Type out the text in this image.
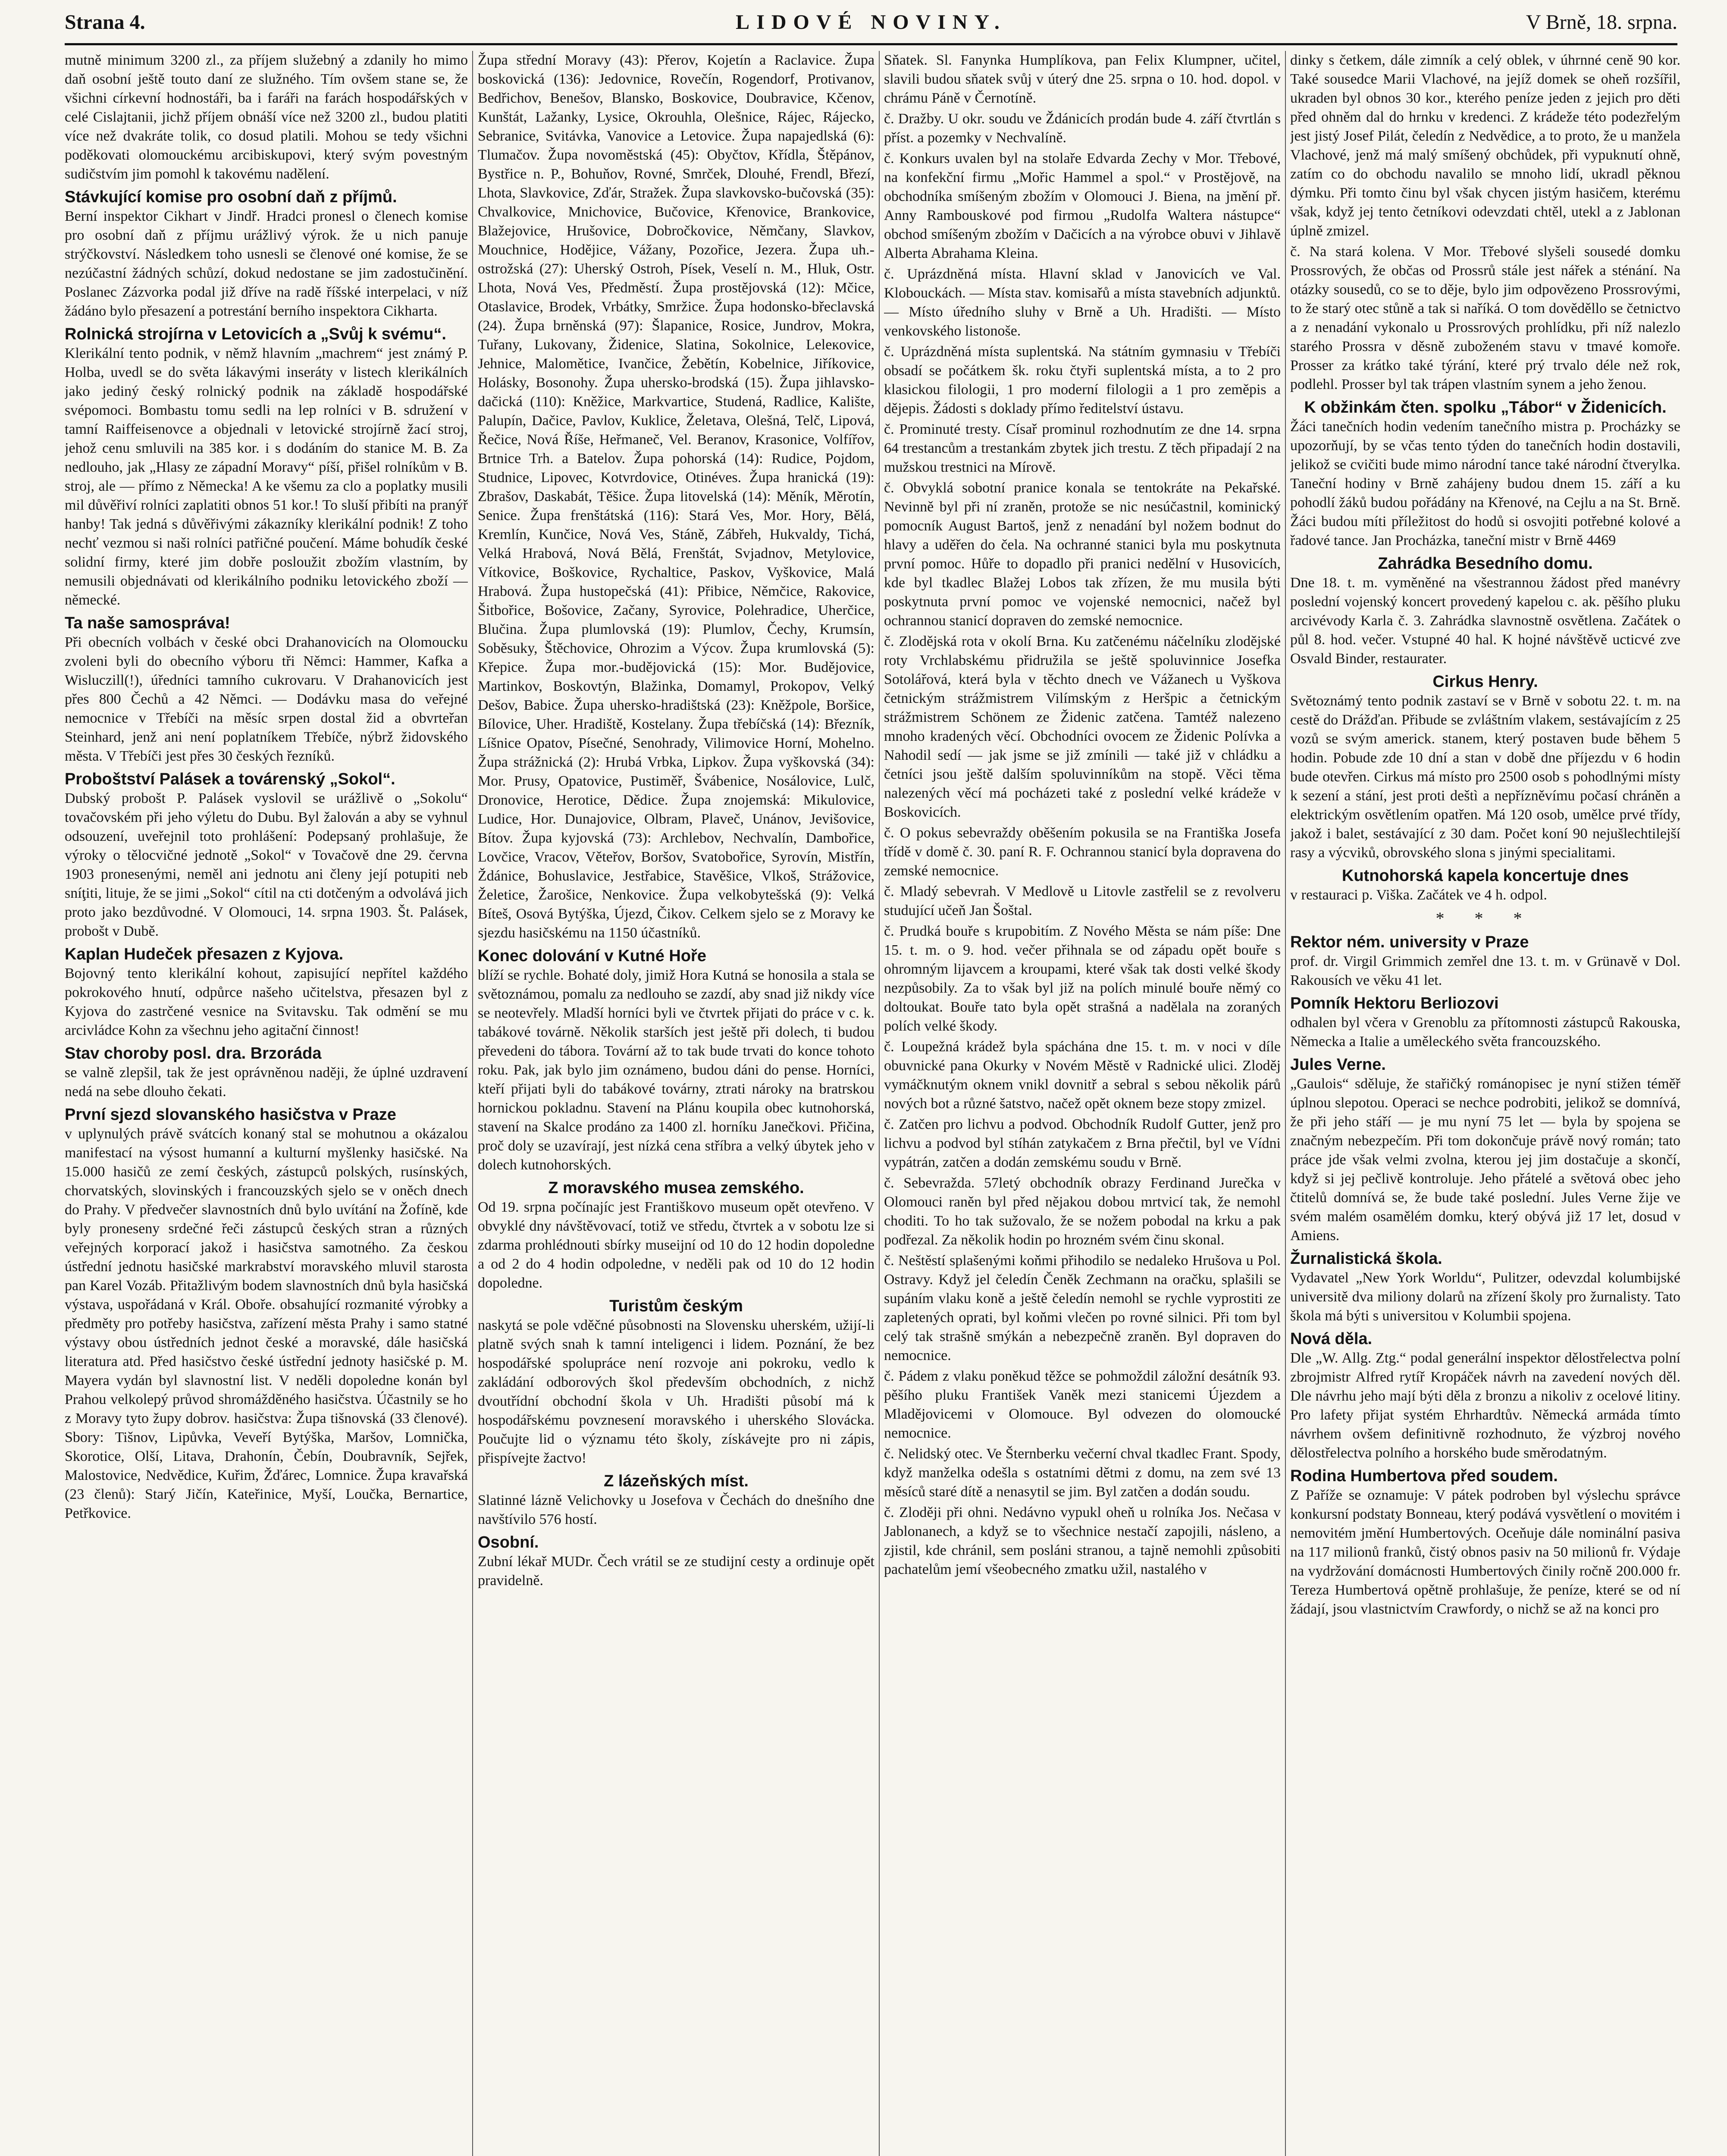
Strana 4.	LIDOVÉ NOVINY.	V Brně, 18. srpna.

mutně minimum 3200 zl., za příjem služebný a zdanily ho mimo daň osobní ještě touto daní ze služného. Tím ovšem stane se, že všichni církevní hodnostáři, ba i faráři na farách hospodářských v celé Cislajtanii, jichž příjem obnáší více než 3200 zl., budou platiti více než dvakráte tolik, co dosud platili. Mohou se tedy všichni poděkovati olomouckému arcibiskupovi, který svým povestným sudičstvím jim pomohl k takovému nadělení.

Stávkující komise pro osobní daň z příjmů.

Berní inspektor Cikhart v Jindř. Hradci pronesl o členech komise pro osobní daň z příjmu urážlivý výrok. že u nich panuje strýčkovství. Následkem toho usnesli se členové oné komise, že se nezúčastní žádných schůzí, dokud nedostane se jim zadostučinění. Poslanec Zázvorka podal již dříve na radě říšské interpelaci, v níž žádáno bylo přesazení a potrestání berního inspektora Cikharta.

Rolnická strojírna v Letovicích a „Svůj k svému“.

Klerikální tento podnik, v němž hlavním „machrem“ jest známý P. Holba, uvedl se do světa lákavými inseráty v listech klerikálních jako jediný český rolnický podnik na základě hospodářské svépomoci. Bombastu tomu sedli na lep rolníci v B. sdružení v tamní Raiffeisenovce a objednali v letovické strojírně žací stroj, jehož cenu smluvili na 385 kor. i s dodáním do stanice M. B. Za nedlouho, jak „Hlasy ze západní Moravy“ píší, přišel rolníkům v B. stroj, ale — přímo z Německa! A ke všemu za clo a poplatky musili mil důvěřiví rolníci zaplatiti obnos 51 kor.! To sluší přibíti na pranýř hanby! Tak jedná s důvěřivými zákazníky klerikální podnik! Z toho nechť vezmou si naši rolníci patřičné poučení. Máme bohudík české solidní firmy, které jim dobře posloužit zbožím vlastním, by nemusili objednávati od klerikálního podniku letovického zboží — německé.

Ta naše samospráva!

Při obecních volbách v české obci Drahanovicích na Olomoucku zvoleni byli do obecního výboru tři Němci: Hammer, Kafka a Wisluczill(!), úředníci tamního cukrovaru. V Drahanovicích jest přes 800 Čechů a 42 Němci. — Dodávku masa do veřejné nemocnice v Třebíči na měsíc srpen dostal žid a obvrteřan Steinhard, jenž ani není poplatníkem Třebíče, nýbrž židovského města. V Třebíči jest přes 30 českých řezníků.

Proboštství Palásek a továrenský „Sokol“.

Dubský probošt P. Palásek vyslovil se urážlivě o „Sokolu“ tovačovském při jeho výletu do Dubu. Byl žalován a aby se vyhnul odsouzení, uveřejnil toto prohlášení: Podepsaný prohlašuje, že výroky o tělocvičné jednotě „Sokol“ v Tovačově dne 29. června 1903 pronesenými, neměl ani jednotu ani členy její potupiti neb sníţiti, lituje, že se jimi „Sokol“ cítil na cti dotčeným a odvolává jich proto jako bezdůvodné. V Olomouci, 14. srpna 1903. Št. Palásek, probošt v Dubě.

Kaplan Hudeček přesazen z Kyjova.

Bojovný tento klerikální kohout, zapisující nepřítel každého pokrokového hnutí, odpůrce našeho učitelstva, přesazen byl z Kyjova do zastrčené vesnice na Svitavsku. Tak odmění se mu arcivládce Kohn za všechnu jeho agitační činnost!

Stav choroby posl. dra. Brzorádа

se valně zlepšil, tak že jest oprávněnou naději, že úplné uzdravení nedá na sebe dlouho čekati.

První sjezd slovanského hasičstva v Praze

v uplynulých právě svátcích konaný stal se mohutnou a okázalou manifestací na výsost humanní a kulturní myšlenky hasičské. Na 15.000 hasičů ze zemí českých, zástupců polských, rusínských, chorvatských, slovinských i francouzských sjelo se v oněch dnech do Prahy. V předvečer slavnostních dnů bylo uvítání na Žofíně, kde byly proneseny srdečné řeči zástupců českých stran a různých veřejných korporací jakož i hasičstva samotného. Za českou ústřední jednotu hasičské markrabství moravského mluvil starosta pan Karel Vozáb. Přitažlivým bodem slavnostních dnů byla hasičská výstava, uspořádaná v Král. Oboře. obsahující rozmanité výrobky a předměty pro potřeby hasičstva, zařízení města Prahy i samo statné výstavy obou ústředních jednot české a moravské, dále hasičská literatura atd. Před hasičstvo české ústřední jednoty hasičské p. M. Mayera vydán byl slavnostní list. V neděli dopoledne konán byl Prahou velkolepý průvod shromážděného hasičstva. Účastnily se ho z Moravy tyto župy dobrov. hasičstva: Župa tišnovská (33 členové). Sbory: Tišnov, Lipůvka, Veveří Bytýška, Maršov, Lomnička, Skorotice, Olší, Litava, Drahonín, Čebín, Doubravník, Sejřek, Malostovice, Nedvědice, Kuřim, Žďárec, Lomnice. Župa kravařská (23 členů): Starý Jičín, Kateřinice, Myší, Loučka, Bernartice, Petřkovice.

Župa střední Moravy (43): Přerov, Kojetín a Raclavice. Župa boskovická (136): Jedovnice, Rovečín, Rogendorf, Protivanov, Bedřichov, Benešov, Blansko, Boskovice, Doubravice, Kčenov, Kunštát, Lažanky, Lysice, Okrouhla, Olešnice, Rájec, Rájecko, Sebranice, Svitávka, Vanovice a Letovice. Župa napajedlská (6): Tlumačov. Župa novoměstská (45): Obyčtov, Křídla, Štěpánov, Bystřice n. P., Bohuňov, Rovné, Smrček, Dlouhé, Frendl, Březí, Lhota, Slavkovice, Zďár, Stražek. Župa slavkovsko-bučovská (35): Chvalkovice, Mnichovice, Bučovice, Křenovice, Brankovice, Blažejovice, Hrušovice, Dobročkovice, Němčany, Slavkov, Mouchnice, Hodějice, Vážany, Pozořice, Jezera. Župa uh.-ostrožská (27): Uherský Ostroh, Písek, Veselí n. M., Hluk, Ostr. Lhota, Nová Ves, Předměstí. Župa prostějovská (12): Mčice, Otaslavice, Brodek, Vrbátky, Smržice. Župa hodonsko-břeclavská (24). Župa brněnská (97): Šlapanice, Rosice, Jundrov, Mokra, Tuřany, Lukovany, Židenice, Slatina, Sokolnice, Leleкovice, Jehnice, Malomětice, Ivančice, Žebětín, Kobelnice, Jiříkovice, Holásky, Bosonohy. Župa uhersko-brodská (15). Župa jihlavsko-dačická (110): Kněžice, Markvartice, Studená, Radlice, Kalište, Palupín, Dačice, Pavlov, Kuklice, Želetava, Olešná, Telč, Lipová, Řečice, Nová Říše, Heřmaneč, Vel. Beranov, Krasonice, Volfířov, Brtnice Trh. a Batelov. Župa pohorská (14): Rudice, Pojdom, Studnice, Lipovec, Kotvrdovice, Otinéves. Župa hranická (19): Zbrašov, Daskabát, Těšice. Župa litovelská (14): Měník, Měrotín, Senice. Župa frenštátská (116): Stará Ves, Mor. Hory, Bělá, Kremlín, Kunčice, Nová Ves, Stáně, Zábřeh, Hukvaldy, Tichá, Velká Hrabová, Nová Bělá, Frenštát, Svjadnov, Metylovice, Vítkovice, Boškovice, Rychaltice, Paskov, Vyškovice, Malá Hrabová. Župa hustopečská (41): Přibice, Němčice, Rakovice, Šitbořice, Bošovice, Začany, Syrovice, Polehradice, Uherčice, Blučina. Župa plumlovská (19): Plumlov, Čechy, Krumsín, Soběsuky, Štěchovice, Ohrozim a Výcov. Župa krumlovská (5): Křepice. Župa mor.-budějovická (15): Mor. Budějovice, Martinkov, Boskovtýn, Blažinka, Domamyl, Prokopov, Velký Dešov, Babice. Župa uhersko-hradištská (23): Kněžpole, Boršice, Bílovice, Uher. Hradiště, Kostelany. Župa třebíčská (14): Březník, Líšnice Opatov, Písečné, Senohrady, Vilimovice Horní, Mohelno. Župa strážnická (2): Hrubá Vrbka, Lipkov. Župa vyškovská (34): Mor. Prusy, Opatovice, Pustiměř, Švábenice, Nosálovice, Lulč, Dronovice, Herotice, Dědice. Župa znojemská: Mikulovice, Ludice, Hor. Dunajovice, Olbram, Plaveč, Unánov, Jevišovice, Bítov. Župa kyjovská (73): Archlebov, Nechvalín, Dambořice, Lovčice, Vracov, Věteřov, Boršov, Svatobořice, Syrovín, Mistřín, Ždánice, Bohuslavice, Jestřabice, Stavěšice, Vlkoš, Strážovice, Želetice, Žarošice, Nenkovice. Župa velkobytešská (9): Velká Bíteš, Osová Bytýška, Újezd, Čikov. Celkem sjelo se z Moravy ke sjezdu hasičskému na 1150 účastníků.

Konec dolování v Kutné Hoře

blíží se rychle. Bohaté doly, jimiž Hora Kutná se honosila a stala se světoznámou, pomalu za nedlouho se zazdí, aby snad již nikdy více se neotevřely. Mladší horníci byli ve čtvrtek přijati do práce v c. k. tabákové továrně. Několik starších jest ještě při dolech, ti budou převedeni do tábora. Tovární až to tak bude trvati do konce tohoto roku. Pak, jak bylo jim oznámeno, budou dáni do pense. Horníci, kteří přijati byli do tabákové továrny, ztrati nároky na bratrskou hornickou pokladnu. Stavení na Plánu koupila obec kutnohorská, stavení na Skalce prodáno za 1400 zl. horníku Janečkovi. Přičina, proč doly se uzavírají, jest nízká cena stříbra a velký úbytek jeho v dolech kutnohorských.

Z moravského musea zemského.

Od 19. srpna počínajíc jest Františkovo museum opět otevřeno. V obvyklé dny návštěvovací, totiž ve středu, čtvrtek a v sobotu lze si zdarma prohlédnouti sbírky museijní od 10 do 12 hodin dopoledne a od 2 do 4 hodin odpoledne, v neděli pak od 10 do 12 hodin dopoledne.

Turistům českým

naskytá se pole vděčné působnosti na Slovensku uherském, užijí-li platně svých snah k tamní inteligenci i lidem. Poznání, že bez hospodářské spolupráce není rozvoje ani pokroku, vedlo k zakládání odborových škol především obchodních, z nichž dvoutřídní obchodní škola v Uh. Hradišti působí má k hospodářskému povznesení moravského i uherského Slovácka. Poučujte lid o významu této školy, získávejte pro ni zápis, přispívejte žactvo!

Z lázeňských míst.

Slatinné lázně Velichovky u Josefova v Čechách do dnešního dne navštívilo 576 hostí.

Osobní.

Zubní lékař MUDr. Čech vrátil se ze studijní cesty a ordinuje opět pravidelně.

Sňatek. Sl. Fanynka Humplíkova, pan Felix Klumpner, učitel, slavili budou sňatek svůj v úterý dne 25. srpna o 10. hod. dopol. v chrámu Páně v Černotíně.

č. Dražby. U okr. soudu ve Ždánicích prodán bude 4. září čtvrtlán s příst. a pozemky v Nechvalíně.

č. Konkurs uvalen byl na stolaře Edvarda Zechy v Mor. Třebové, na konfekční firmu „Mořic Hammel a spol.“ v Prostějově, na obchodníka smíšeným zbožím v Olomouci J. Biena, na jmění př. Anny Rambouskové pod firmou „Rudolfa Waltera nástupce“ obchod smíšeným zbožím v Dačicích a na výrobce obuvi v Jihlavě Alberta Abrahama Kleina.

č. Uprázdněná místa. Hlavní sklad v Janovicích ve Val. Klobouckách. — Místa stav. komisařů a místa stavebních adjunktů. — Místo úředního sluhy v Brně a Uh. Hradišti. — Místo venkovského listonoše.

č. Uprázdněná místa suplentská. Na státním gymnasiu v Třebíči obsadí se počátkem šk. roku čtyři suplentská místa, a to 2 pro klasickou filologii, 1 pro moderní filologii a 1 pro zeměpis a dějepis. Žádosti s doklady přímo ředitelství ústavu.

č. Prominuté tresty. Císař prominul rozhodnutím ze dne 14. srpna 64 trestancům a trestankám zbytek jich trestu. Z těch připadají 2 na mužskou trestnici na Mírově.

č. Obvyklá sobotní pranice konala se tentokráte na Pekařské. Nevinně byl při ní zraněn, protože se nic nesúčastnil, kominický pomocník August Bartoš, jenž z nenadání byl nožem bodnut do hlavy a uděřen do čela. Na ochranné stanici byla mu poskytnuta první pomoc. Hůře to dopadlo při pranici nedělní v Husovicích, kde byl tkadlec Blažej Lobos tak zřízen, že mu musila býti poskytnuta první pomoc ve vojenské nemocnici, načež byl ochrannou stanicí dopraven do zemské nemocnice.

č. Zlodějská rota v okolí Brna. Ku zatčenému náčelníku zlodějské roty Vrchlabskému přidružila se ještě spoluvinnice Josefka Sotolářová, která byla v těchto dnech ve Vážanech u Vyškova četnickým strážmistrem Vilímským z Heršpic a četnickým strážmistrem Schönem ze Židenic zatčena. Tamtéž nalezeno mnoho kradených věcí. Obchodníci ovocem ze Židenic Polívka a Nahodil sedí — jak jsme se již zmínili — také již v chládku a četníci jsou ještě dalším spoluvinníkům na stopě. Věci těma nalezených věcí má pocházeti také z poslední velké krádeže v Boskovicích.

č. O pokus sebevraždy oběšením pokusila se na Františka Josefa třídě v domě č. 30. paní R. F. Ochrannou stanicí byla dopravena do zemské nemocnice.

č. Mladý sebevrah. V Medlově u Litovle zastřelil se z revolveru studující učeň Jan Šoštal.

č. Prudká bouře s krupobitím. Z Nového Města se nám píše: Dne 15. t. m. o 9. hod. večer přihnala se od západu opět bouře s ohromným lijavcem a kroupami, které však tak dosti velké škody nezpůsobily. Za to však byl již na polích minulé bouře němý co doltoukat. Bouře tato byla opět strašná a nadělala na zoraných polích velké škody.

č. Loupežná krádež byla spáchána dne 15. t. m. v noci v díle obuvnické pana Okurky v Novém Městě v Radnické ulici. Zloděj vymáčknutým oknem vnikl dovnitř a sebral s sebou několik párů nových bot a různé šatstvo, načež opět oknem beze stopy zmizel.

č. Zatčen pro lichvu a podvod. Obchodník Rudolf Gutter, jenž pro lichvu a podvod byl stíhán zatykačem z Brna přečtil, byl ve Vídni vypátrán, zatčen a dodán zemskému soudu v Brně.

č. Sebevražda. 57letý obchodník obrazy Ferdinand Jurečka v Olomouci raněn byl před nějakou dobou mrtvicí tak, že nemohl choditi. To ho tak sužovalo, že se nožem pobodal na krku a pak podřezal. Za několik hodin po hrozném svém činu skonal.

č. Neštěstí splašenými koňmi přihodilo se nedaleko Hrušova u Pol. Ostravy. Když jel čeledín Čeněk Zechmann na oračku, splašili se supáním vlaku koně a ještě čeledín nemohl se rychle vyprostiti ze zapletených oprati, byl koňmi vlečen po rovné silnici. Při tom byl celý tak strašně smýkán a nebezpečně zraněn. Byl dopraven do nemocnice.

č. Pádem z vlaku poněkud těžce se pohmoždil záložní desátník 93. pěšího pluku František Vaněk mezi stanicemi Újezdem a Mladějovicemi v Olomouce. Byl odvezen do olomoucké nemocnice.

č. Nelidský otec. Ve Šternberku večerní chval tkadlec Frant. Spody, když manželka odešla s ostatními dětmi z domu, na zem své 13 měsíců staré dítě a nenasytil se jim. Byl zatčen a dodán soudu.

č. Zloději při ohni. Nedávno vypukl oheň u rolníka Jos. Nečasa v Jablonanech, a když se to všechnice nestačí zapojili, násleno, a zjistil, kde chránil, sem posláni stranou, a tajně nemohli způsobiti pachatelům jemí všeobecného zmatku užil, nastalého v

dinky s četkem, dále zimník a celý oblek, v úhrnné ceně 90 kor. Také sousedce Marii Vlachové, na jejíž domek se oheň rozšířil, ukraden byl obnos 30 kor., kterého peníze jeden z jejich pro děti před ohněm dal do hrnku v kredenci. Z krádeže této podezřelým jest jistý Josef Pilát, čeledín z Nedvědice, a to proto, že u manžela Vlachové, jenž má malý smíšený obchůdek, při vypuknutí ohně, zatím co do obchodu navalilo se mnoho lidí, ukradl pěknou dýmku. Při tomto činu byl však chycen jistým hasičem, kterému však, když jej tento četníkovi odevzdati chtěl, utekl a z Jablonan úplně zmizel.

č. Na stará kolena. V Mor. Třebové slyšeli sousedé domku Prossrových, že občas od Prossrů stále jest nářek a sténání. Na otázky sousedů, co se to děje, bylo jim odpovězeno Prossrovými, to že starý otec stůně a tak si naříká. O tom dověděllo se četnictvo a z nenadání vykonalo u Prossrových prohlídku, při níž nalezlo starého Prossra v děsně zuboženém stavu v tmavé komoře. Prosser za krátko také týrání, které prý trvalo déle než rok, podlehl. Prosser byl tak trápen vlastním synem a jeho ženou.

K obžinkám čten. spolku „Tábor“ v Židenicích.

Žáci tanečních hodin vedením tanečního mistra p. Procházky se upozorňují, by se včas tento týden do tanečních hodin dostavili, jelikož se cvičiti bude mimo národní tance také národní čtverylka. Taneční hodiny v Brně zahájeny budou dnem 15. září a ku pohodlí žáků budou pořádány na Křenové, na Cejlu a na St. Brně. Žáci budou míti příležitost do hodů si osvojiti potřebné kolové a řadové tance. Jan Procházka, taneční mistr v Brně 4469

Zahrádka Besedního domu.

Dne 18. t. m. vyměněné na všestrannou žádost před manévry poslední vojenský koncert provedený kapelou c. ak. pěšího pluku arcivévody Karla č. 3. Zahrádka slavnostně osvětlena. Začátek o půl 8. hod. večer. Vstupné 40 hal. K hojné návštěvě ucticvé zve Osvald Binder, restaurater.

Cirkus Henry.

Světoznámý tento podnik zastaví se v Brně v sobotu 22. t. m. na cestě do Drážďan. Přibude se zvláštním vlakem, sestávajícím z 25 vozů se svým americk. stanem, který postaven bude během 5 hodin. Pobude zde 10 dní a stan v době dne příjezdu v 6 hodin bude otevřen. Cirkus má místo pro 2500 osob s pohodlnými místy k sezení a stání, jest proti deštì a nepřízněvímu počasí chráněn a elektrickým osvětlením opatřen. Má 120 osob, umělce prvé třídy, jakož i balet, sestávající z 30 dam. Počet koní 90 nejušlechtilejší rasy a výcviků, obrovského slona s jinými specialitami.

Kutnohorská kapela koncertuje dnes

v restauraci p. Viška. Začátek ve 4 h. odpol.

* * *
Rektor ném. university v Praze

prof. dr. Virgil Grimmich zemřel dne 13. t. m. v Grünavě v Dol. Rakousích ve věku 41 let.

Pomník Hektoru Berliozovi

odhalen byl včera v Grenoblu za přítomnosti zástupců Rakouska, Německa a Italie a uměleckého světa francouzského.

Jules Verne.

„Gaulois“ sděluje, že stařičký románopisec je nyní stižen téměř úplnou slepotou. Operaci se nechce podrobiti, jelikož se domnívá, že při jeho stáří — je mu nyní 75 let — byla by spojena se značným nebezpečím. Při tom dokončuje právě nový román; tato práce jde však velmi zvolna, kterou jej jim dostačuje a skončí, když si jej pečlivě kontroluje. Jeho přátelé a světová obec jeho čtitelů domnívá se, že bude také poslední. Jules Verne žije ve svém malém osamělém domku, který obývá již 17 let, dosud v Amiens.

Žurnalistická škola.

Vydavatel „New York Worldu“, Pulitzer, odevzdal kolumbijské universitě dva miliony dolarů na zřízení školy pro žurnalisty. Tato škola má býti s universitou v Kolumbii spojena.

Nová děla.

Dle „W. Allg. Ztg.“ podal generální inspektor dělostřelectva polní zbrojmistr Alfred rytíř Kropáček návrh na zavedení nových děl. Dle návrhu jeho mají býti děla z bronzu a nikoliv z ocelové litiny. Pro lafety přijat systém Ehrhardtův. Německá armáda tímto návrhem ovšem definitivně rozhodnuto, že výzbroj nového dělostřelectva polního a horského bude směrodatným.

Rodina Humbertova před soudem.

Z Paříže se oznamuje: V pátek podroben byl výslechu správce konkursní podstaty Bonneau, který podává vysvětlení o movitém i nemovitém jmění Humbertových. Oceňuje dále nominální pasiva na 117 milionů franků, čistý obnos pasiv na 50 milionů fr. Výdaje na vydržování domácnosti Humbertových činily ročně 200.000 fr. Tereza Humbertová opětně prohlašuje, že peníze, které se od ní žádají, jsou vlastnictvím Crawfordy, o nichž se až na konci pro
